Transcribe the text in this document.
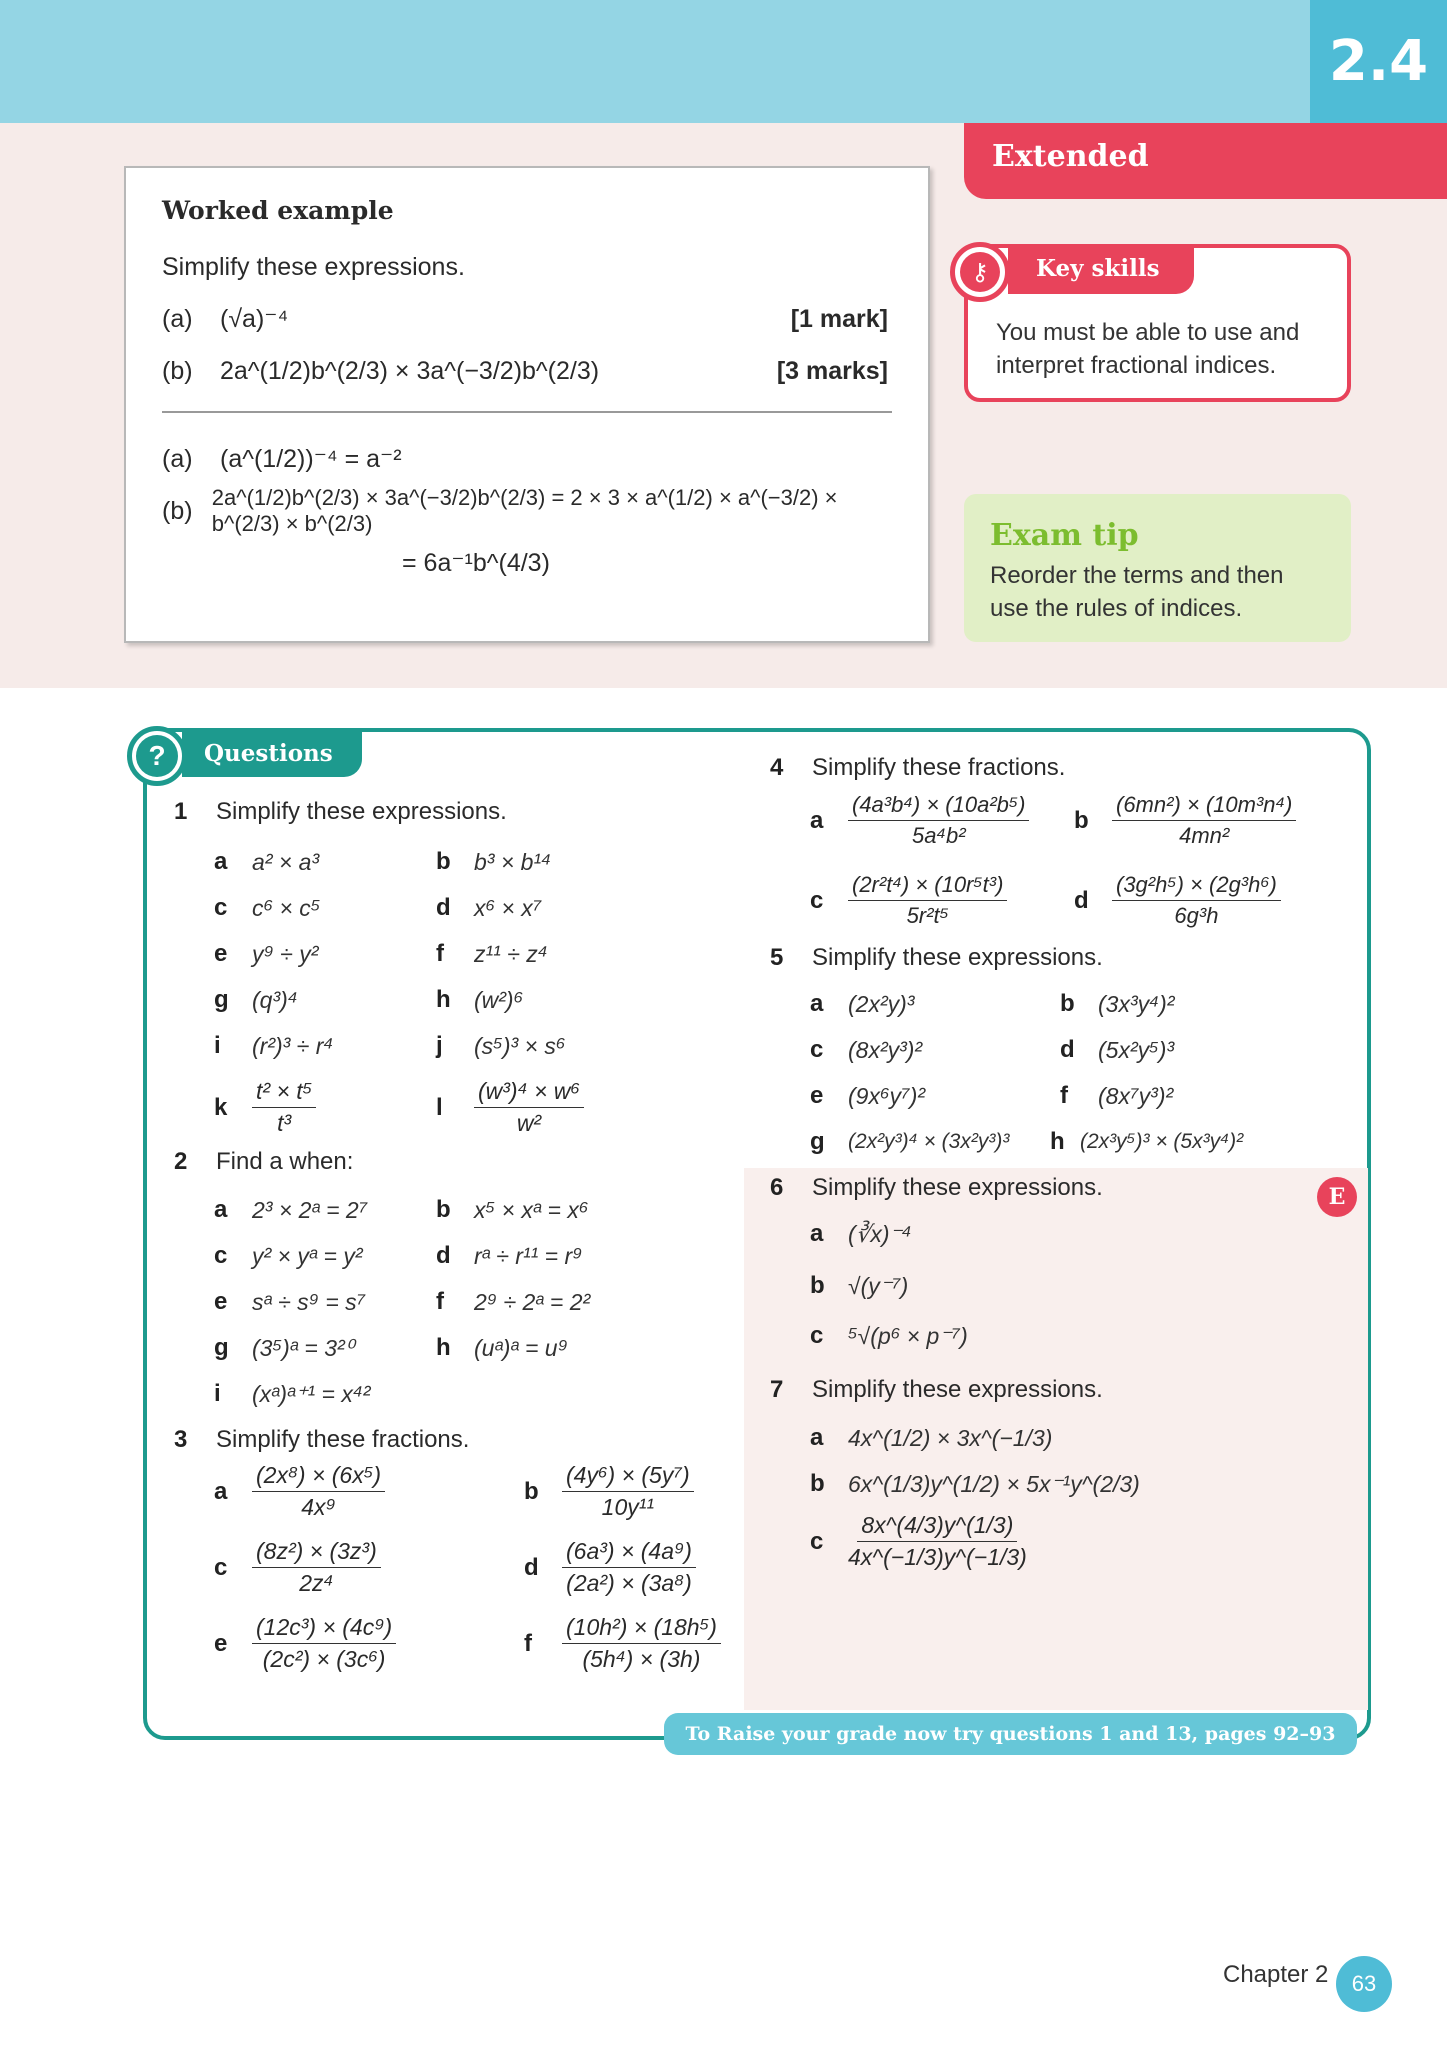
2.4
Extended
Worked example
Simplify these expressions.
(a)	(√a)⁻⁴	[1 mark]
(b)	2a^(1/2)b^(2/3) × 3a^(−3/2)b^(2/3)	[3 marks]
(a)	(a^(1/2))⁻⁴ = a⁻²
(b) 2a^(1/2)b^(2/3) × 3a^(−3/2)b^(2/3) = 2 × 3 × a^(1/2) × a^(−3/2) × b^(2/3) × b^(2/3)
= 6a⁻¹b^(4/3)
Key skills
⚷
You must be able to use and interpret fractional indices.
Exam tip

Reorder the terms and then use the rules of indices.

?	Questions
1	Simplify these expressions.
a	a² × a³	b	b³ × b¹⁴
c	c⁶ × c⁵	d	x⁶ × x⁷
e	y⁹ ÷ y²	f	z¹¹ ÷ z⁴
g	(q³)⁴	h	(w²)⁶
i	(r²)³ ÷ r⁴	j	(s⁵)³ × s⁶
k	$\frac{\text{t² × t⁵}}{\text{t³}}$	l	$\frac{\text{(w³)⁴ × w⁶}}{\text{w²}}$
2	Find a when:
a	2³ × 2ᵃ = 2⁷	b	x⁵ × xᵃ = x⁶
c	y² × yᵃ = y²	d	rᵃ ÷ r¹¹ = r⁹
e	sᵃ ÷ s⁹ = s⁷	f	2⁹ ÷ 2ᵃ = 2²
g	(3⁵)ᵃ = 3²⁰	h	(uᵃ)ᵃ = u⁹
i	(xᵃ)ᵃ⁺¹ = x⁴²
3	Simplify these fractions.
a	$\frac{\text{(2x⁸) × (6x⁵)}}{\text{4x⁹}}$	b	$\frac{\text{(4y⁶) × (5y⁷)}}{\text{10y¹¹}}$
c	$\frac{\text{(8z²) × (3z³)}}{\text{2z⁴}}$	d	$\frac{\text{(6a³) × (4a⁹)}}{\text{(2a²) × (3a⁸)}}$
e	$\frac{\text{(12c³) × (4c⁹)}}{\text{(2c²) × (3c⁶)}}$	f	$\frac{\text{(10h²) × (18h⁵)}}{\text{(5h⁴) × (3h)}}$
4	Simplify these fractions.
a	$\frac{\text{(4a³b⁴) × (10a²b⁵)}}{\text{5a⁴b²}}$ b	$\frac{\text{(6mn²) × (10m³n⁴)}}{\text{4mn²}}$
c	$\frac{\text{(2r²t⁴) × (10r⁵t³)}}{\text{5r²t⁵}}$	d	$\frac{\text{(3g²h⁵) × (2g³h⁶)}}{\text{6g³h}}$
5	Simplify these expressions.
a	(2x²y)³	b	(3x³y⁴)²
c	(8x²y³)²	d	(5x²y⁵)³
e	(9x⁶y⁷)²	f	(8x⁷y³)²
g	(2x²y³)⁴ × (3x²y³)³ h (2x³y⁵)³ × (5x³y⁴)²
E
6	Simplify these expressions.
a	(∛x)⁻⁴
b	√(y⁻⁷)
c	⁵√(p⁶ × p⁻⁷)
7	Simplify these expressions.
a	4x^(1/2) × 3x^(−1/3)
b	6x^(1/3)y^(1/2) × 5x⁻¹y^(2/3)
c	$\frac{8x\^{}(4/3)y\^{}(1/3)}{4x\^{}(-1/3)y\^{}(-1/3)}$
To Raise your grade now try questions 1 and 13, pages 92–93
Chapter 2	63
